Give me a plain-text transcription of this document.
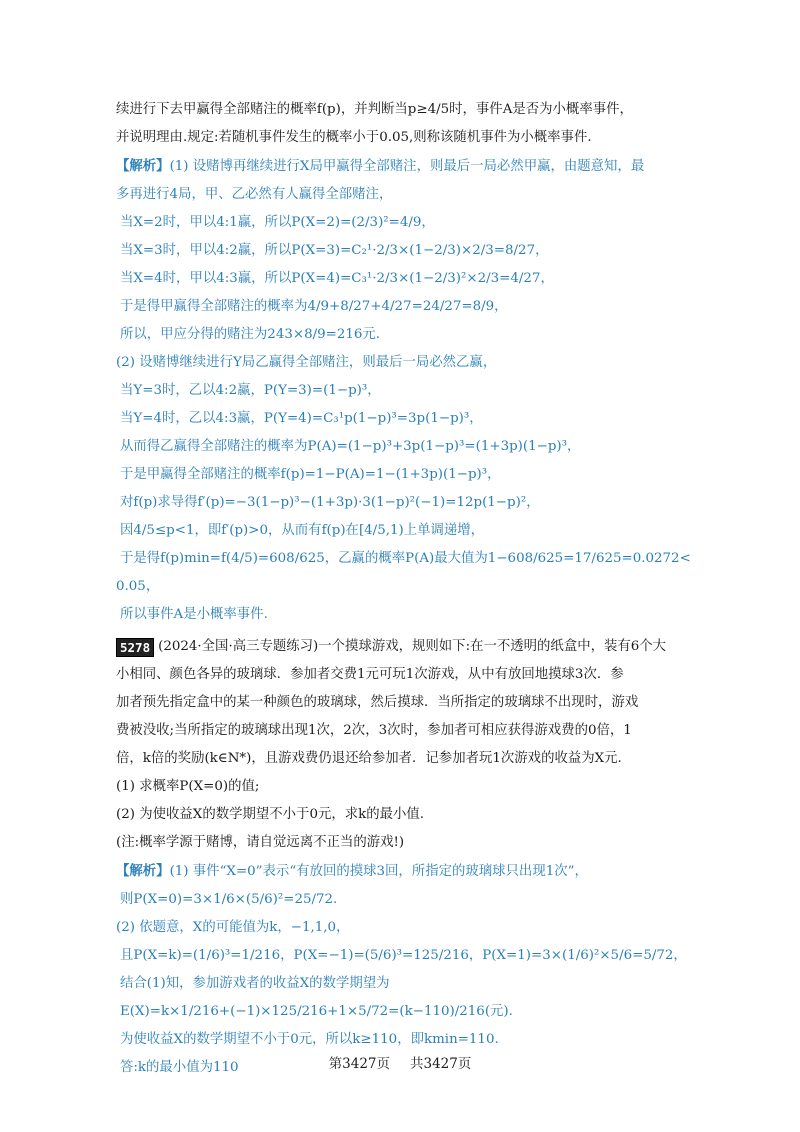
续进行下去甲赢得全部赌注的概率f(p)，并判断当p≥4/5时，事件A是否为小概率事件，
并说明理由.规定:若随机事件发生的概率小于0.05,则称该随机事件为小概率事件.
【解析】(1) 设赌博再继续进行X局甲赢得全部赌注，则最后一局必然甲赢，由题意知，最
多再进行4局，甲、乙必然有人赢得全部赌注，
当X=2时，甲以4:1赢，所以P(X=2)=(2/3)²=4/9，
当X=3时，甲以4:2赢，所以P(X=3)=C₂¹·2/3×(1−2/3)×2/3=8/27，
当X=4时，甲以4:3赢，所以P(X=4)=C₃¹·2/3×(1−2/3)²×2/3=4/27，
于是得甲赢得全部赌注的概率为4/9+8/27+4/27=24/27=8/9，
所以，甲应分得的赌注为243×8/9=216元.
(2) 设赌博继续进行Y局乙赢得全部赌注，则最后一局必然乙赢，
当Y=3时，乙以4:2赢，P(Y=3)=(1−p)³，
当Y=4时，乙以4:3赢，P(Y=4)=C₃¹p(1−p)³=3p(1−p)³，
从而得乙赢得全部赌注的概率为P(A)=(1−p)³+3p(1−p)³=(1+3p)(1−p)³，
于是甲赢得全部赌注的概率f(p)=1−P(A)=1−(1+3p)(1−p)³，
对f(p)求导得f′(p)=−3(1−p)³−(1+3p)·3(1−p)²(−1)=12p(1−p)²，
因4/5≤p<1，即f′(p)>0，从而有f(p)在[4/5,1)上单调递增，
于是得f(p)min=f(4/5)=608/625，乙赢的概率P(A)最大值为1−608/625=17/625=0.0272<
0.05，
所以事件A是小概率事件.
5278 (2024·全国·高三专题练习)一个摸球游戏，规则如下:在一不透明的纸盒中，装有6个大
小相同、颜色各异的玻璃球．参加者交费1元可玩1次游戏，从中有放回地摸球3次．参
加者预先指定盒中的某一种颜色的玻璃球，然后摸球．当所指定的玻璃球不出现时，游戏
费被没收;当所指定的玻璃球出现1次，2次，3次时，参加者可相应获得游戏费的0倍，1
倍，k倍的奖励(k∈N*)，且游戏费仍退还给参加者．记参加者玩1次游戏的收益为X元.
(1) 求概率P(X=0)的值;
(2) 为使收益X的数学期望不小于0元，求k的最小值.
(注:概率学源于赌博，请自觉远离不正当的游戏!)
【解析】(1) 事件“X=0”表示“有放回的摸球3回，所指定的玻璃球只出现1次”，
则P(X=0)=3×1/6×(5/6)²=25/72.
(2) 依题意，X的可能值为k，−1,1,0，
且P(X=k)=(1/6)³=1/216，P(X=−1)=(5/6)³=125/216，P(X=1)=3×(1/6)²×5/6=5/72，
结合(1)知，参加游戏者的收益X的数学期望为
E(X)=k×1/216+(−1)×125/216+1×5/72=(k−110)/216(元).
为使收益X的数学期望不小于0元，所以k≥110，即kmin=110.
答:k的最小值为110	第3427页 共3427页
